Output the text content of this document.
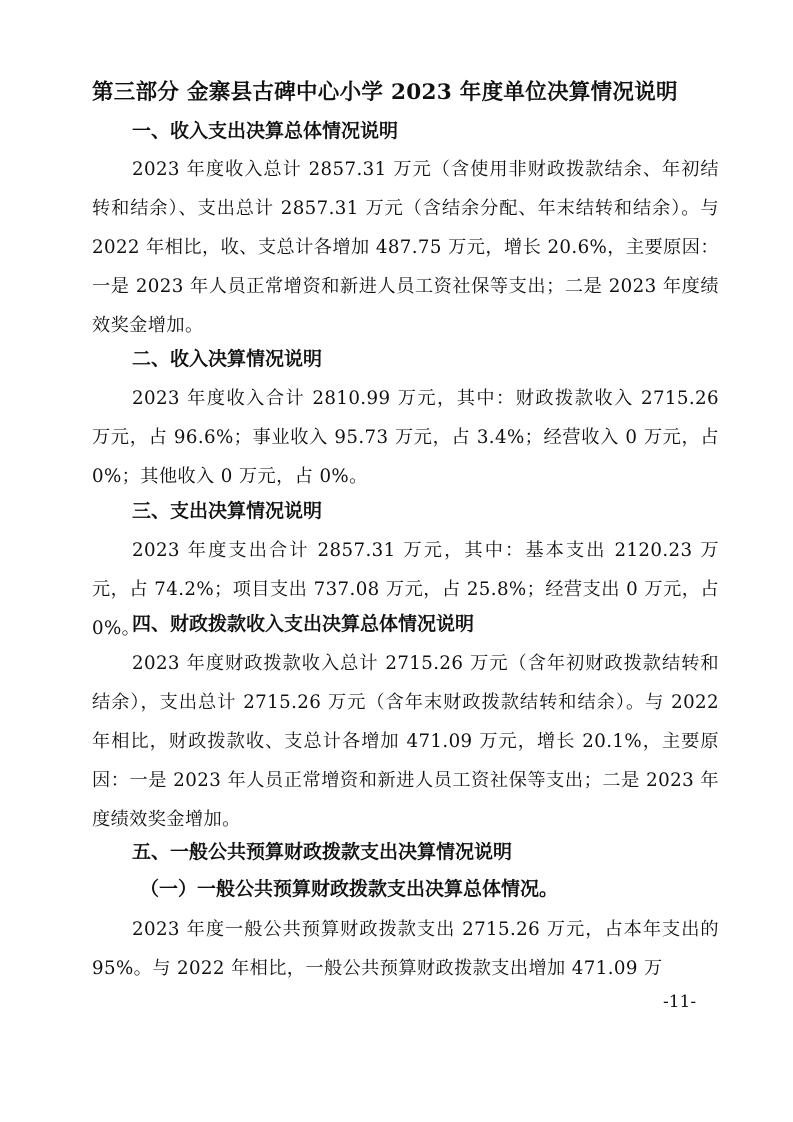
第三部分 金寨县古碑中心小学 2023 年度单位决算情况说明
一、收入支出决算总体情况说明

2023 年度收入总计 2857.31 万元（含使用非财政拨款结余、年初结转和结余）、支出总计 2857.31 万元（含结余分配、年末结转和结余）。与 2022 年相比，收、支总计各增加 487.75 万元，增长 20.6%，主要原因：一是 2023 年人员正常增资和新进人员工资社保等支出；二是 2023 年度绩效奖金增加。

二、收入决算情况说明

2023 年度收入合计 2810.99 万元，其中：财政拨款收入 2715.26 万元，占 96.6%；事业收入 95.73 万元，占 3.4%；经营收入 0 万元，占 0%；其他收入 0 万元，占 0%。

三、支出决算情况说明

2023 年度支出合计 2857.31 万元，其中：基本支出 2120.23 万元，占 74.2%；项目支出 737.08 万元，占 25.8%；经营支出 0 万元，占 0%。

四、财政拨款收入支出决算总体情况说明

2023 年度财政拨款收入总计 2715.26 万元（含年初财政拨款结转和结余），支出总计 2715.26 万元（含年末财政拨款结转和结余）。与 2022 年相比，财政拨款收、支总计各增加 471.09 万元，增长 20.1%，主要原因：一是 2023 年人员正常增资和新进人员工资社保等支出；二是 2023 年度绩效奖金增加。

五、一般公共预算财政拨款支出决算情况说明
（一）一般公共预算财政拨款支出决算总体情况。

2023 年度一般公共预算财政拨款支出 2715.26 万元，占本年支出的 95%。与 2022 年相比，一般公共预算财政拨款支出增加 471.09 万

-11-
